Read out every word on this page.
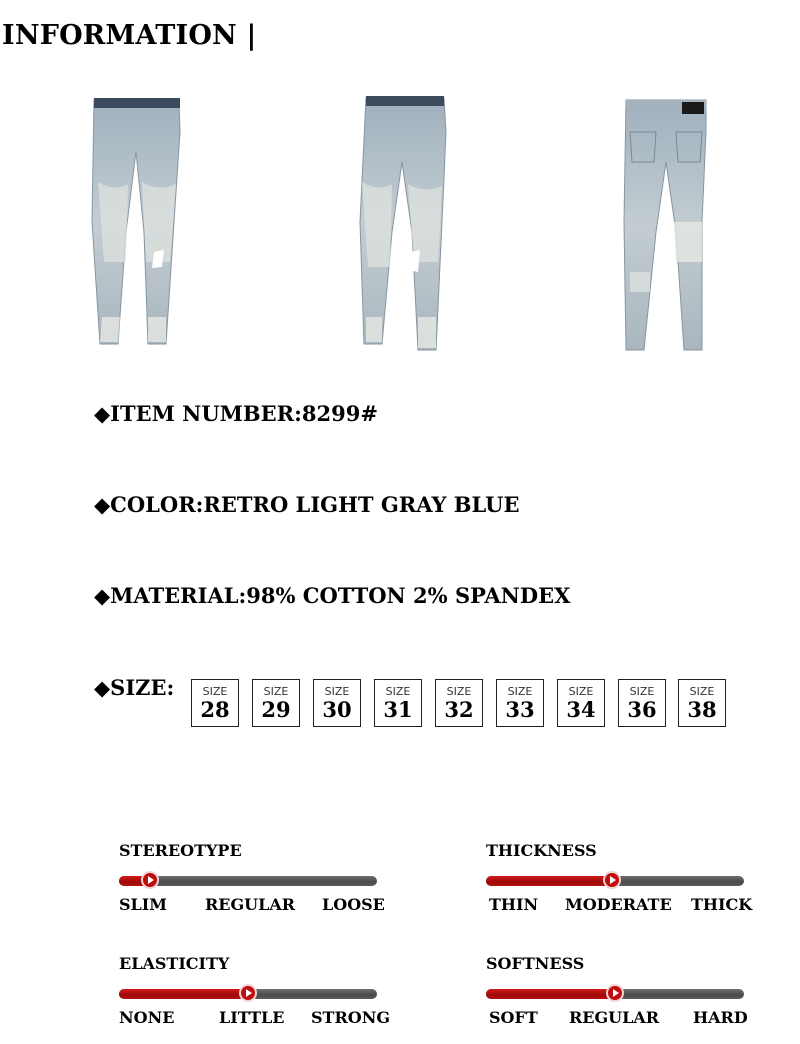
INFORMATION |
◆ITEM NUMBER:8299#
◆COLOR:RETRO LIGHT GRAY BLUE
◆MATERIAL:98% COTTON 2% SPANDEX
◆SIZE:	SIZE
28
SIZE
29
SIZE
30
SIZE
31
SIZE
32
SIZE
33
SIZE
34
SIZE
36
SIZE
38
STEREOTYPE
SLIM REGULAR LOOSE
THICKNESS
THIN MODERATE THICK
ELASTICITY
NONE	LITTLE STRONG
SOFTNESS
SOFT REGULAR HARD
